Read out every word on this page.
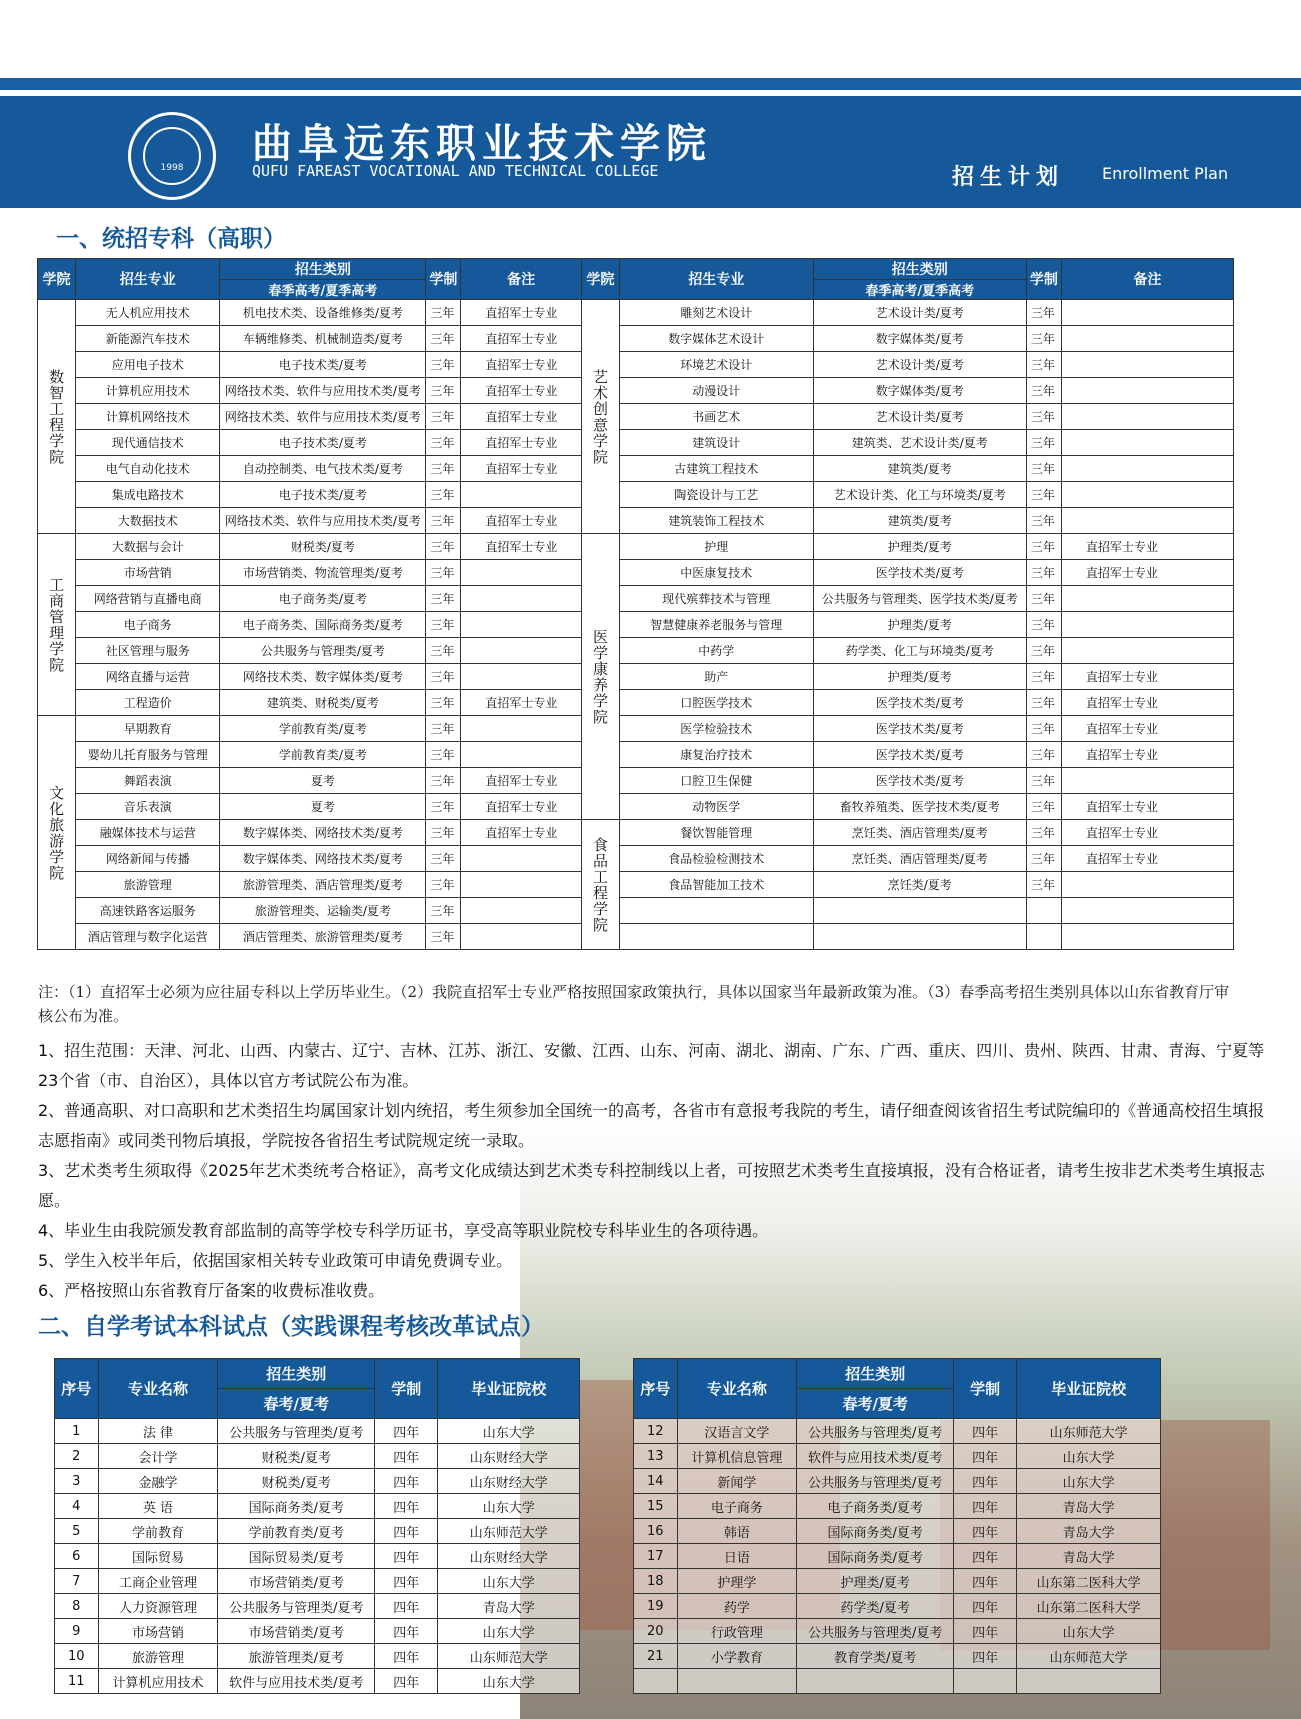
1998
曲阜远东职业技术学院
QUFU FAREAST VOCATIONAL AND TECHNICAL COLLEGE	招生计划 Enrollment Plan
一、统招专科（高职）
学院	招生专业	招生类别	学制	备注	学院	招生专业	招生类别	学制	备注
		春季高考/夏季高考					春季高考/夏季高考		
数智工程学院	无人机应用技术	机电技术类、设备维修类/夏考	三年	直招军士专业	艺术创意学院	雕刻艺术设计	艺术设计类/夏考	三年	
	新能源汽车技术	车辆维修类、机械制造类/夏考	三年	直招军士专业		数字媒体艺术设计	数字媒体类/夏考	三年	
	应用电子技术	电子技术类/夏考	三年	直招军士专业		环境艺术设计	艺术设计类/夏考	三年	
	计算机应用技术	网络技术类、软件与应用技术类/夏考	三年	直招军士专业		动漫设计	数字媒体类/夏考	三年	
	计算机网络技术	网络技术类、软件与应用技术类/夏考	三年	直招军士专业		书画艺术	艺术设计类/夏考	三年	
	现代通信技术	电子技术类/夏考	三年	直招军士专业		建筑设计	建筑类、艺术设计类/夏考	三年	
	电气自动化技术	自动控制类、电气技术类/夏考	三年	直招军士专业		古建筑工程技术	建筑类/夏考	三年	
	集成电路技术	电子技术类/夏考	三年			陶瓷设计与工艺	艺术设计类、化工与环境类/夏考	三年	
	大数据技术	网络技术类、软件与应用技术类/夏考	三年	直招军士专业		建筑装饰工程技术	建筑类/夏考	三年	
工商管理学院	大数据与会计	财税类/夏考	三年	直招军士专业	医学康养学院	护理	护理类/夏考	三年	直招军士专业
	市场营销	市场营销类、物流管理类/夏考	三年			中医康复技术	医学技术类/夏考	三年	直招军士专业
	网络营销与直播电商	电子商务类/夏考	三年			现代殡葬技术与管理	公共服务与管理类、医学技术类/夏考	三年	
	电子商务	电子商务类、国际商务类/夏考	三年			智慧健康养老服务与管理	护理类/夏考	三年	
	社区管理与服务	公共服务与管理类/夏考	三年			中药学	药学类、化工与环境类/夏考	三年	
	网络直播与运营	网络技术类、数字媒体类/夏考	三年			助产	护理类/夏考	三年	直招军士专业
	工程造价	建筑类、财税类/夏考	三年	直招军士专业		口腔医学技术	医学技术类/夏考	三年	直招军士专业
文化旅游学院	早期教育	学前教育类/夏考	三年			医学检验技术	医学技术类/夏考	三年	直招军士专业
	婴幼儿托育服务与管理	学前教育类/夏考	三年			康复治疗技术	医学技术类/夏考	三年	直招军士专业
	舞蹈表演	夏考	三年	直招军士专业		口腔卫生保健	医学技术类/夏考	三年	
	音乐表演	夏考	三年	直招军士专业		动物医学	畜牧养殖类、医学技术类/夏考	三年	直招军士专业
	融媒体技术与运营	数字媒体类、网络技术类/夏考	三年	直招军士专业	食品工程学院	餐饮智能管理	烹饪类、酒店管理类/夏考	三年	直招军士专业
	网络新闻与传播	数字媒体类、网络技术类/夏考	三年			食品检验检测技术	烹饪类、酒店管理类/夏考	三年	直招军士专业
	旅游管理	旅游管理类、酒店管理类/夏考	三年			食品智能加工技术	烹饪类/夏考	三年	
	高速铁路客运服务	旅游管理类、运输类/夏考	三年						
	酒店管理与数字化运营	酒店管理类、旅游管理类/夏考	三年						
注：（1）直招军士必须为应往届专科以上学历毕业生。（2）我院直招军士专业严格按照国家政策执行，具体以国家当年最新政策为准。（3）春季高考招生类别具体以山东省教育厅审核公布为准。

1、招生范围：天津、河北、山西、内蒙古、辽宁、吉林、江苏、浙江、安徽、江西、山东、河南、湖北、湖南、广东、广西、重庆、四川、贵州、陕西、甘肃、青海、宁夏等23个省（市、自治区），具体以官方考试院公布为准。

2、普通高职、对口高职和艺术类招生均属国家计划内统招，考生须参加全国统一的高考，各省市有意报考我院的考生，请仔细查阅该省招生考试院编印的《普通高校招生填报志愿指南》或同类刊物后填报，学院按各省招生考试院规定统一录取。

3、艺术类考生须取得《2025年艺术类统考合格证》，高考文化成绩达到艺术类专科控制线以上者，可按照艺术类考生直接填报，没有合格证者，请考生按非艺术类考生填报志愿。

4、毕业生由我院颁发教育部监制的高等学校专科学历证书，享受高等职业院校专科毕业生的各项待遇。

5、学生入校半年后，依据国家相关转专业政策可申请免费调专业。

6、严格按照山东省教育厅备案的收费标准收费。

二、自学考试本科试点（实践课程考核改革试点）
序号	专业名称	招生类别	学制	毕业证院校
		春考/夏考		
1	法 律	公共服务与管理类/夏考	四年	山东大学
2	会计学	财税类/夏考	四年	山东财经大学
3	金融学	财税类/夏考	四年	山东财经大学
4	英 语	国际商务类/夏考	四年	山东大学
5	学前教育	学前教育类/夏考	四年	山东师范大学
6	国际贸易	国际贸易类/夏考	四年	山东财经大学
7	工商企业管理	市场营销类/夏考	四年	山东大学
8	人力资源管理	公共服务与管理类/夏考	四年	青岛大学
9	市场营销	市场营销类/夏考	四年	山东大学
10	旅游管理	旅游管理类/夏考	四年	山东师范大学
11	计算机应用技术	软件与应用技术类/夏考	四年	山东大学
序号	专业名称	招生类别	学制	毕业证院校
		春考/夏考		
12	汉语言文学	公共服务与管理类/夏考	四年	山东师范大学
13	计算机信息管理	软件与应用技术类/夏考	四年	山东大学
14	新闻学	公共服务与管理类/夏考	四年	山东大学
15	电子商务	电子商务类/夏考	四年	青岛大学
16	韩语	国际商务类/夏考	四年	青岛大学
17	日语	国际商务类/夏考	四年	青岛大学
18	护理学	护理类/夏考	四年	山东第二医科大学
19	药学	药学类/夏考	四年	山东第二医科大学
20	行政管理	公共服务与管理类/夏考	四年	山东大学
21	小学教育	教育学类/夏考	四年	山东师范大学
